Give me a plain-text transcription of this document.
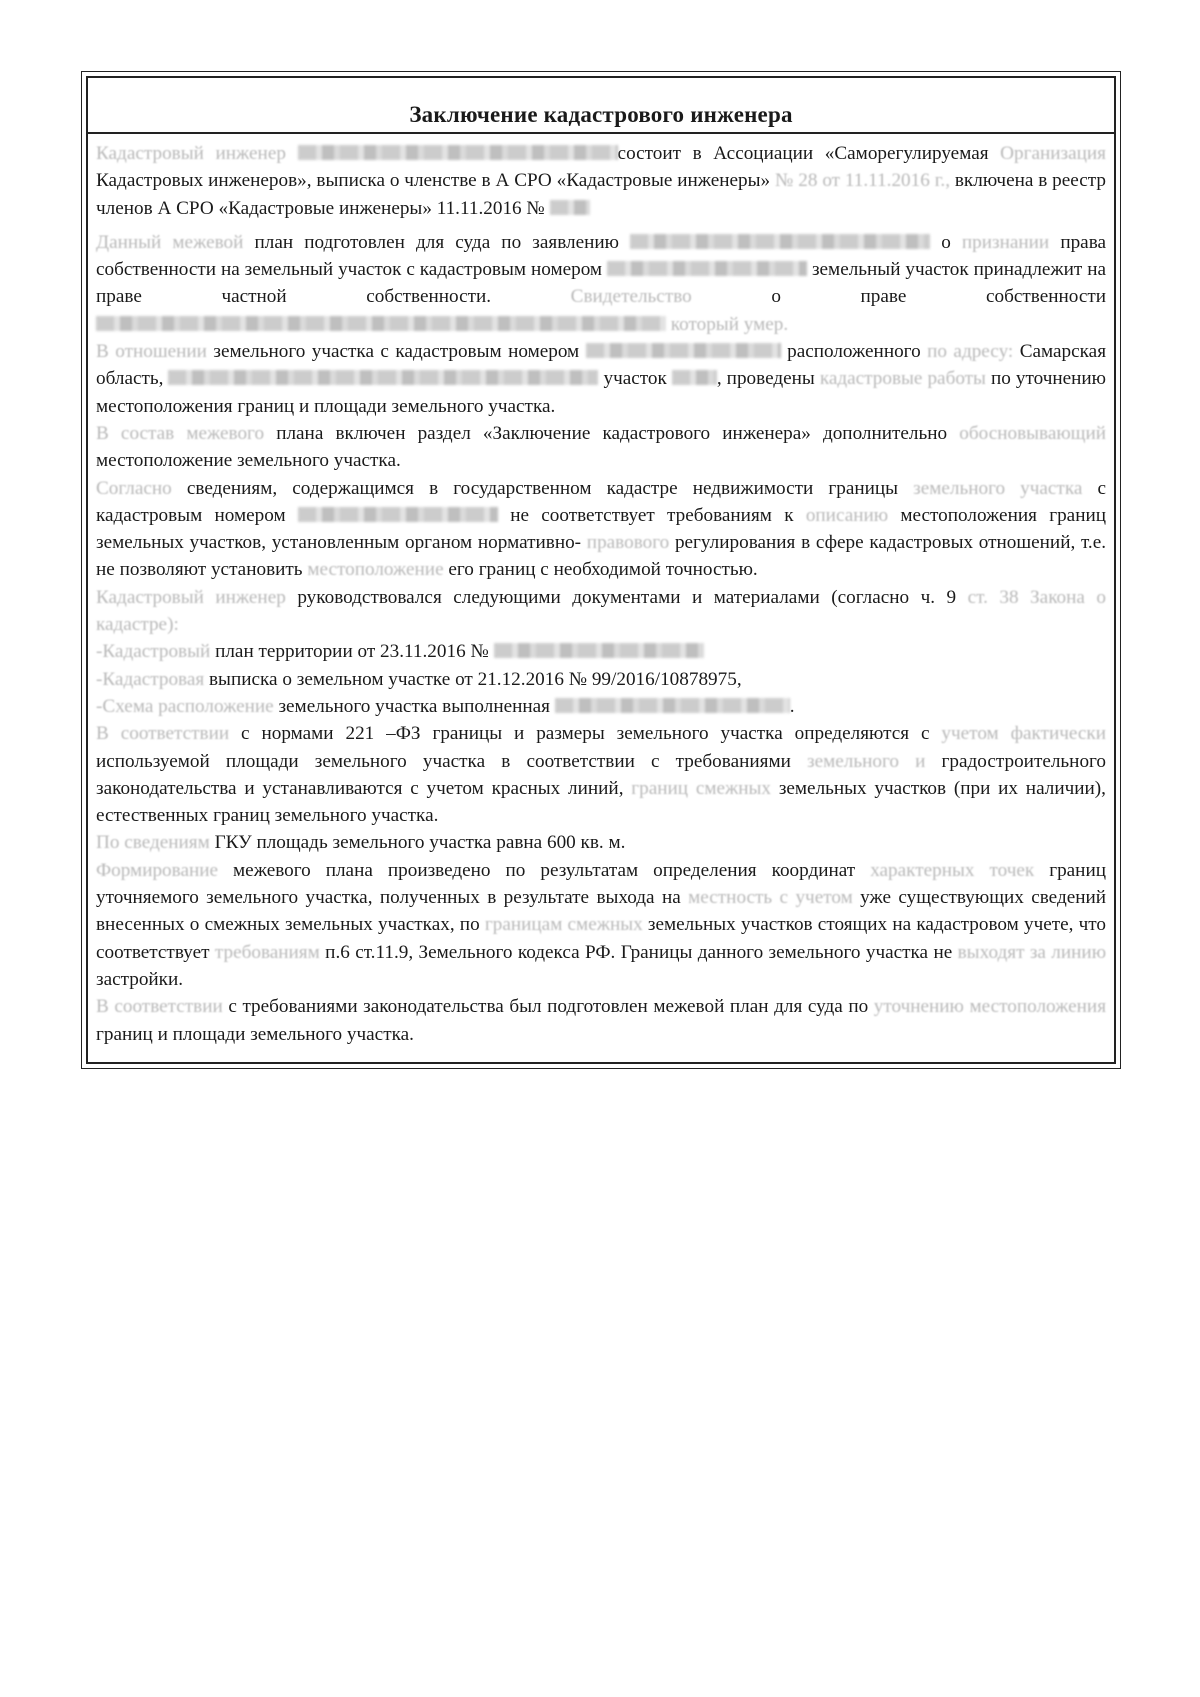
Заключение кадастрового инженера

Кадастровый инженер	состоит в Ассоциации «Саморегулируемая Организация Кадастровых инженеров», выписка о членстве в А СРО «Кадастровые инженеры» № 28 от 11.11.2016 г., включена в реестр членов А СРО «Кадастровые инженеры» 11.11.2016 №

Данный межевой план подготовлен для суда по заявлению	о признании права собственности на земельный участок с кадастровым номером	земельный участок принадлежит на праве частной собственности.	Свидетельство	о праве собственности  который умер.

В отношении земельного участка с кадастровым номером	расположенного по адресу: Самарская область,	участок	, проведены кадастровые работы по уточнению местоположения границ и площади земельного участка.

В состав межевого плана включен раздел «Заключение кадастрового инженера» дополнительно обосновывающий местоположение земельного участка.

Согласно сведениям, содержащимся в государственном кадастре недвижимости границы земельного участка с кадастровым номером	не соответствует требованиям к описанию местоположения границ земельных участков, установленным органом нормативно- правового регулирования в сфере кадастровых отношений, т.е. не позволяют установить местоположение его границ с необходимой точностью.

Кадастровый инженер руководствовался следующими документами и материалами (согласно ч. 9 ст. 38 Закона о кадастре):

-Кадастровый план территории от 23.11.2016 №

-Кадастровая выписка о земельном участке от 21.12.2016 № 99/2016/10878975,

-Схема расположение земельного участка выполненная	.

В соответствии с нормами 221 –ФЗ границы и размеры земельного участка определяются с учетом фактически используемой площади земельного участка в соответствии с требованиями земельного и градостроительного законодательства и устанавливаются с учетом красных линий, границ смежных земельных участков (при их наличии), естественных границ земельного участка.

По сведениям ГКУ площадь земельного участка равна 600 кв. м.

Формирование межевого плана произведено по результатам определения координат характерных точек границ уточняемого земельного участка, полученных в результате выхода на местность с учетом уже существующих сведений внесенных о смежных земельных участках, по границам смежных земельных участков стоящих на кадастровом учете, что соответствует требованиям п.6 ст.11.9, Земельного кодекса РФ. Границы данного земельного участка не выходят за линию застройки.

В соответствии с требованиями законодательства был подготовлен межевой план для суда по уточнению местоположения границ и площади земельного участка.
